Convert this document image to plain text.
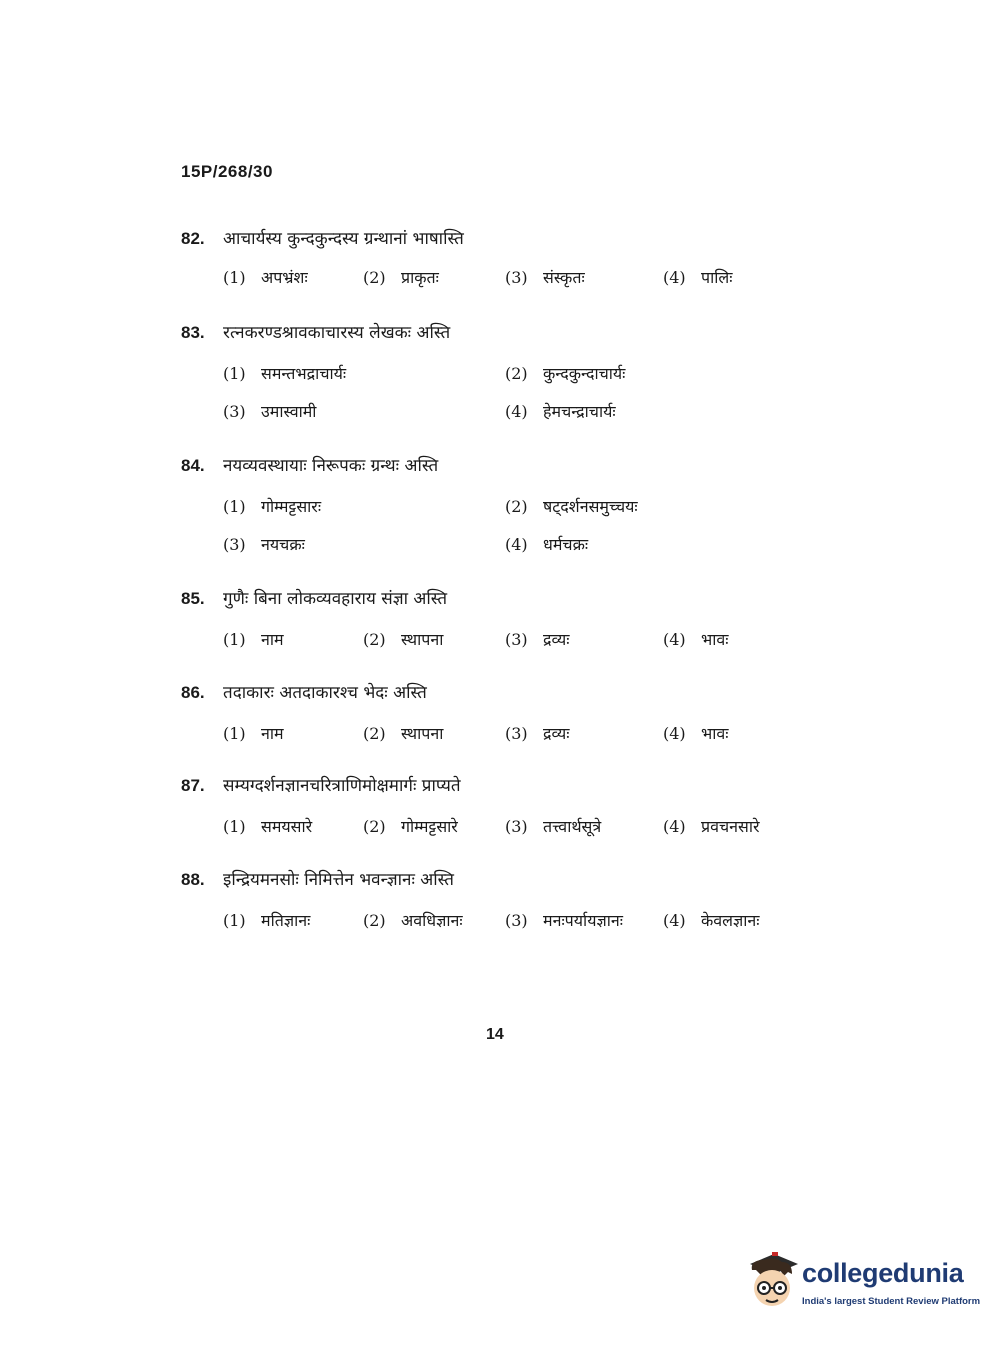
15P/268/30
82.	आचार्यस्य कुन्दकुन्दस्य ग्रन्थानां भाषास्ति
(1) अपभ्रंशः	(2) प्राकृतः	(3) संस्कृतः	(4) पालिः
83.	रत्नकरण्डश्रावकाचारस्य लेखकः अस्ति
(1) समन्तभद्राचार्यः	(2) कुन्दकुन्दाचार्यः
(3) उमास्वामी	(4) हेमचन्द्राचार्यः
84.	नयव्यवस्थायाः निरूपकः ग्रन्थः अस्ति
(1) गोम्मट्टसारः	(2) षट्दर्शनसमुच्चयः
(3) नयचक्रः	(4) धर्मचक्रः
85.	गुणैः बिना लोकव्यवहाराय संज्ञा अस्ति
(1) नाम	(2) स्थापना	(3) द्रव्यः	(4) भावः
86.	तदाकारः अतदाकारश्च भेदः अस्ति
(1) नाम	(2) स्थापना	(3) द्रव्यः	(4) भावः
87.	सम्यग्दर्शनज्ञानचरित्राणिमोक्षमार्गः प्राप्यते
(1) समयसारे	(2) गोम्मट्टसारे	(3) तत्त्वार्थसूत्रे	(4) प्रवचनसारे
88.	इन्द्रियमनसोः निमित्तेन भवन्ज्ञानः अस्ति
(1) मतिज्ञानः	(2) अवधिज्ञानः	(3) मनःपर्यायज्ञानः	(4) केवलज्ञानः
14
collegedunia
India's largest Student Review Platform
